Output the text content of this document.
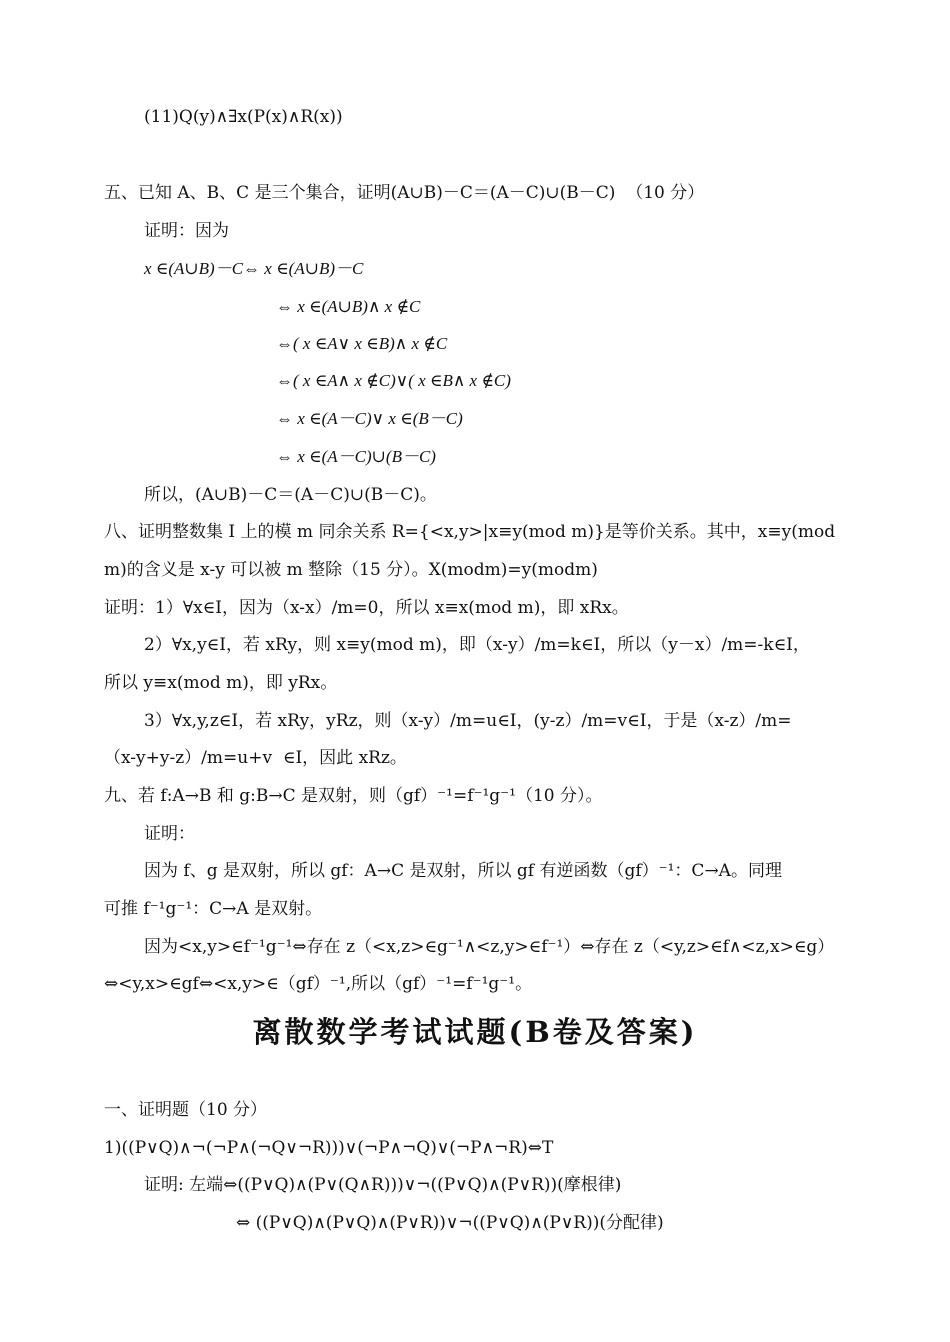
(11)Q(y)∧∃x(P(x)∧R(x))
五、已知 A、B、C 是三个集合，证明(A∪B)－C＝(A－C)∪(B－C)  （10 分）
证明：因为
x ∈(A∪B)－C⇔ x ∈(A∪B)－C
⇔ x ∈(A∪B)∧ x ∉C
⇔( x ∈A∨ x ∈B)∧ x ∉C
⇔( x ∈A∧ x ∉C)∨( x ∈B∧ x ∉C)
⇔ x ∈(A－C)∨ x ∈(B－C)
⇔ x ∈(A－C)∪(B－C)
所以，(A∪B)－C＝(A－C)∪(B－C)。
八、证明整数集 I 上的模 m 同余关系 R={<x,y>|x≡y(mod m)}是等价关系。其中，x≡y(mod
m)的含义是 x-y 可以被 m 整除（15 分）。X(modm)=y(modm)
证明：1）∀x∈I，因为（x-x）/m=0，所以 x≡x(mod m)，即 xRx。
2）∀x,y∈I，若 xRy，则 x≡y(mod m)，即（x-y）/m=k∈I，所以（y－x）/m=-k∈I，
所以 y≡x(mod m)，即 yRx。
3）∀x,y,z∈I，若 xRy，yRz，则（x-y）/m=u∈I，(y-z）/m=v∈I，于是（x-z）/m=
（x-y+y-z）/m=u+v  ∈I，因此 xRz。
九、若 f:A→B 和 g:B→C 是双射，则（gf）⁻¹=f⁻¹g⁻¹（10 分）。
证明：
因为 f、g 是双射，所以 gf：A→C 是双射，所以 gf 有逆函数（gf）⁻¹：C→A。同理
可推 f⁻¹g⁻¹：C→A 是双射。
因为<x,y>∈f⁻¹g⁻¹⇔存在 z（<x,z>∈g⁻¹∧<z,y>∈f⁻¹）⇔存在 z（<y,z>∈f∧<z,x>∈g）
⇔<y,x>∈gf⇔<x,y>∈（gf）⁻¹,所以（gf）⁻¹=f⁻¹g⁻¹。
离散数学考试试题(B卷及答案)
一、证明题（10 分）
1)((P∨Q)∧¬(¬P∧(¬Q∨¬R)))∨(¬P∧¬Q)∨(¬P∧¬R)⇔T
证明: 左端⇔((P∨Q)∧(P∨(Q∧R)))∨¬((P∨Q)∧(P∨R))(摩根律)
⇔ ((P∨Q)∧(P∨Q)∧(P∨R))∨¬((P∨Q)∧(P∨R))(分配律)
